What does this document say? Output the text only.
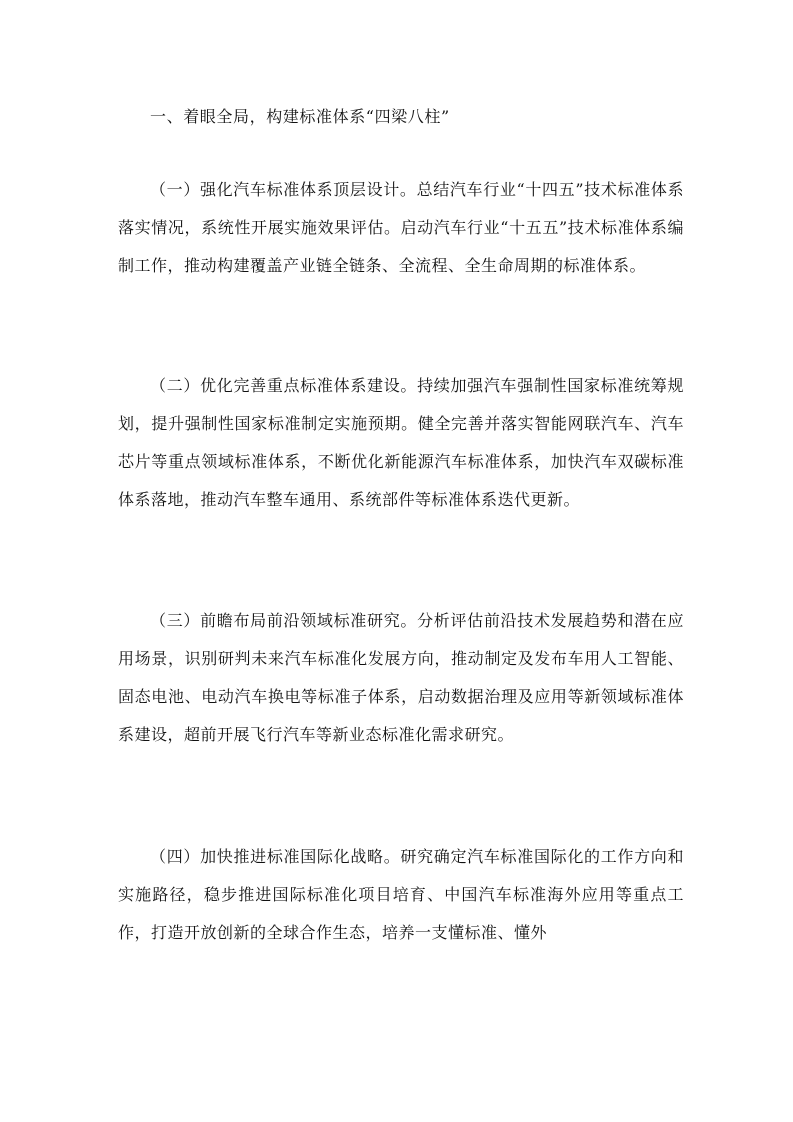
一、着眼全局，构建标准体系“四梁八柱”

（一）强化汽车标准体系顶层设计。总结汽车行业“十四五”技术标准体系落实情况，系统性开展实施效果评估。启动汽车行业“十五五”技术标准体系编制工作，推动构建覆盖产业链全链条、全流程、全生命周期的标准体系。

（二）优化完善重点标准体系建设。持续加强汽车强制性国家标准统筹规划，提升强制性国家标准制定实施预期。健全完善并落实智能网联汽车、汽车芯片等重点领域标准体系，不断优化新能源汽车标准体系，加快汽车双碳标准体系落地，推动汽车整车通用、系统部件等标准体系迭代更新。

（三）前瞻布局前沿领域标准研究。分析评估前沿技术发展趋势和潜在应用场景，识别研判未来汽车标准化发展方向，推动制定及发布车用人工智能、固态电池、电动汽车换电等标准子体系，启动数据治理及应用等新领域标准体系建设，超前开展飞行汽车等新业态标准化需求研究。

（四）加快推进标准国际化战略。研究确定汽车标准国际化的工作方向和实施路径，稳步推进国际标准化项目培育、中国汽车标准海外应用等重点工作，打造开放创新的全球合作生态，培养一支懂标准、懂外
